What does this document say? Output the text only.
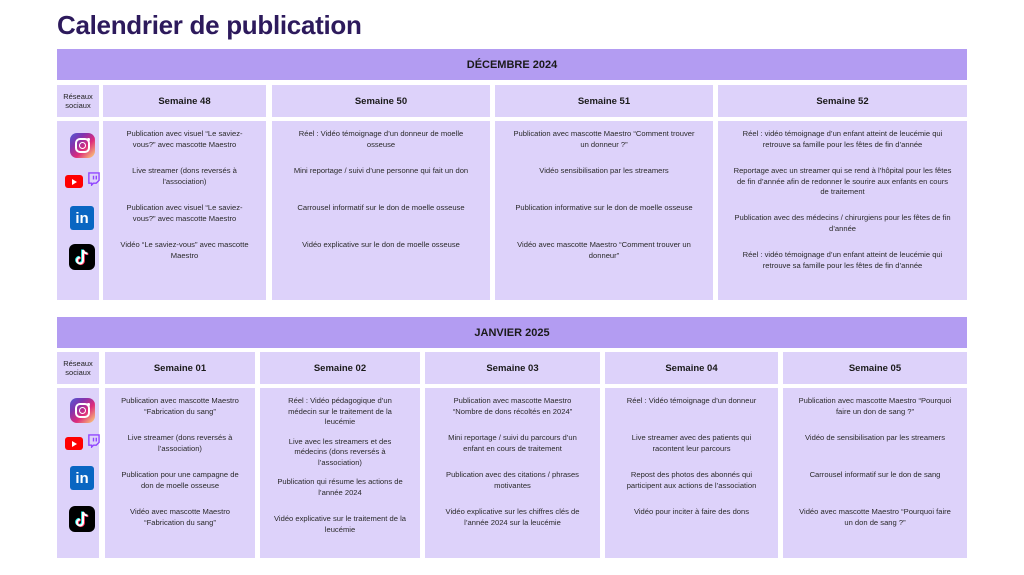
Calendrier de publication
DÉCEMBRE 2024
Réseaux sociaux
in
Semaine 48
Publication avec visuel “Le saviez-vous?” avec mascotte Maestro
Live streamer (dons reversés à l’association)
Publication avec visuel “Le saviez-vous?” avec mascotte Maestro
Vidéo “Le saviez-vous” avec mascotte Maestro
Semaine 50
Réel : Vidéo témoignage d’un donneur de moelle osseuse
Mini reportage / suivi d’une personne qui fait un don
Carrousel informatif sur le don de moelle osseuse
Vidéo explicative sur le don de moelle osseuse
Semaine 51
Publication avec mascotte Maestro “Comment trouver un donneur ?”
Vidéo sensibilisation par les streamers
Publication informative sur le don de moelle osseuse
Vidéo avec mascotte Maestro “Comment trouver un donneur”
Semaine 52
Réel : vidéo témoignage d’un enfant atteint de leucémie qui retrouve sa famille pour les fêtes de fin d’année
Reportage avec un streamer qui se rend à l’hôpital pour les fêtes de fin d’année afin de redonner le sourire aux enfants en cours de traitement
Publication avec des médecins / chirurgiens pour les fêtes de fin d’année
Réel : vidéo témoignage d’un enfant atteint de leucémie qui retrouve sa famille pour les fêtes de fin d’année
JANVIER 2025
Réseaux sociaux
in
Semaine 01
Publication avec mascotte Maestro “Fabrication du sang”
Live streamer (dons reversés à l’association)
Publication pour une campagne de don de moelle osseuse
Vidéo avec mascotte Maestro “Fabrication du sang”
Semaine 02
Réel : Vidéo pédagogique d’un médecin sur le traitement de la leucémie
Live avec les streamers et des médecins (dons reversés à l’association)
Publication qui résume les actions de l’année 2024
Vidéo explicative sur le traitement de la leucémie
Semaine 03
Publication avec mascotte Maestro “Nombre de dons récoltés en 2024”
Mini reportage / suivi du parcours d’un enfant en cours de traitement
Publication avec des citations / phrases motivantes
Vidéo explicative sur les chiffres clés de l’année 2024 sur la leucémie
Semaine 04
Réel : Vidéo témoignage d’un donneur
Live streamer avec des patients qui racontent leur parcours
Repost des photos des abonnés qui participent aux actions de l’association
Vidéo pour inciter à faire des dons
Semaine 05
Publication avec mascotte Maestro “Pourquoi faire un don de sang ?”
Vidéo de sensibilisation par les streamers
Carrousel informatif sur le don de sang
Vidéo avec mascotte Maestro “Pourquoi faire un don de sang ?”
